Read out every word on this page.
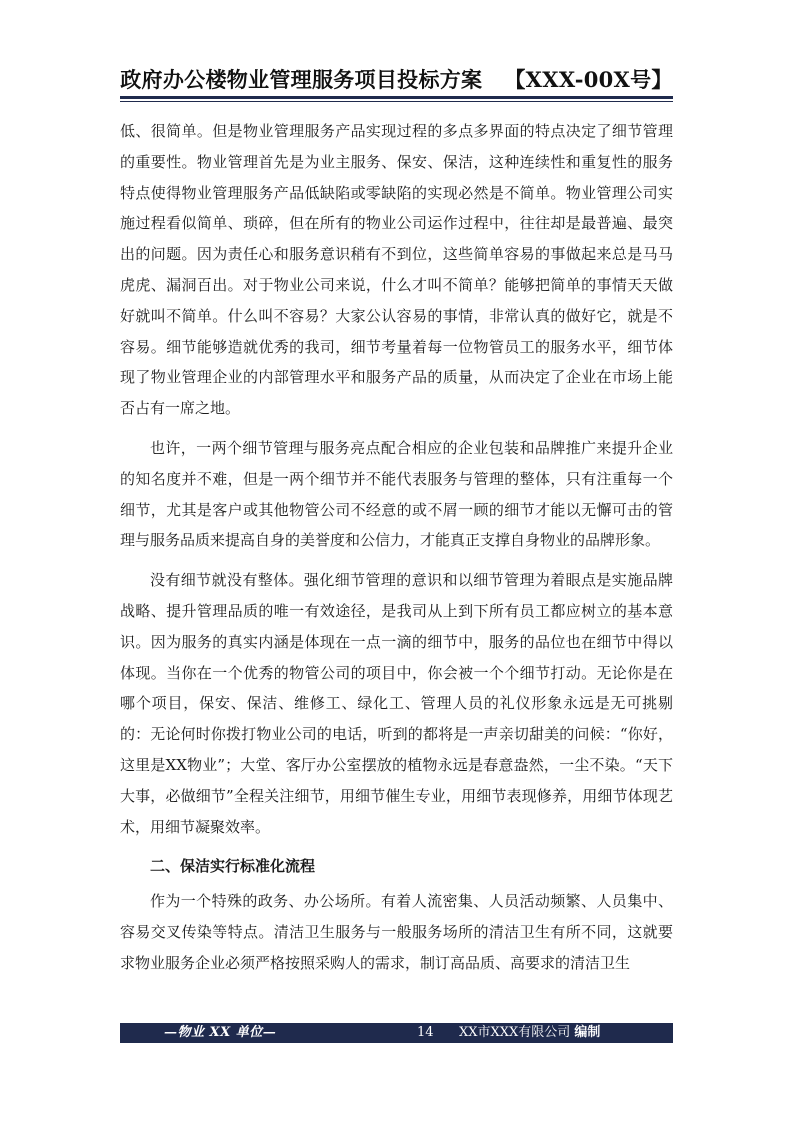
政府办公楼物业管理服务项目投标方案 【XXX-00X号】

低、很简单。但是物业管理服务产品实现过程的多点多界面的特点决定了细节管理的重要性。物业管理首先是为业主服务、保安、保洁，这种连续性和重复性的服务特点使得物业管理服务产品低缺陷或零缺陷的实现必然是不简单。物业管理公司实施过程看似简单、琐碎，但在所有的物业公司运作过程中，往往却是最普遍、最突出的问题。因为责任心和服务意识稍有不到位，这些简单容易的事做起来总是马马虎虎、漏洞百出。对于物业公司来说，什么才叫不简单？能够把简单的事情天天做好就叫不简单。什么叫不容易？大家公认容易的事情，非常认真的做好它，就是不容易。细节能够造就优秀的我司，细节考量着每一位物管员工的服务水平，细节体现了物业管理企业的内部管理水平和服务产品的质量，从而决定了企业在市场上能否占有一席之地。

也许，一两个细节管理与服务亮点配合相应的企业包装和品牌推广来提升企业的知名度并不难，但是一两个细节并不能代表服务与管理的整体，只有注重每一个细节，尤其是客户或其他物管公司不经意的或不屑一顾的细节才能以无懈可击的管理与服务品质来提高自身的美誉度和公信力，才能真正支撑自身物业的品牌形象。

没有细节就没有整体。强化细节管理的意识和以细节管理为着眼点是实施品牌战略、提升管理品质的唯一有效途径，是我司从上到下所有员工都应树立的基本意识。因为服务的真实内涵是体现在一点一滴的细节中，服务的品位也在细节中得以体现。当你在一个优秀的物管公司的项目中，你会被一个个细节打动。无论你是在哪个项目，保安、保洁、维修工、绿化工、管理人员的礼仪形象永远是无可挑剔的：无论何时你拨打物业公司的电话，听到的都将是一声亲切甜美的问候：“你好，这里是XX物业”；大堂、客厅办公室摆放的植物永远是春意盎然，一尘不染。“天下大事，必做细节”全程关注细节，用细节催生专业，用细节表现修养，用细节体现艺术，用细节凝聚效率。

二、保洁实行标准化流程

作为一个特殊的政务、办公场所。有着人流密集、人员活动频繁、人员集中、容易交叉传染等特点。清洁卫生服务与一般服务场所的清洁卫生有所不同，这就要求物业服务企业必须严格按照采购人的需求，制订高品质、高要求的清洁卫生

—物业 XX 单位—	14 XX市XXX有限公司 编制
